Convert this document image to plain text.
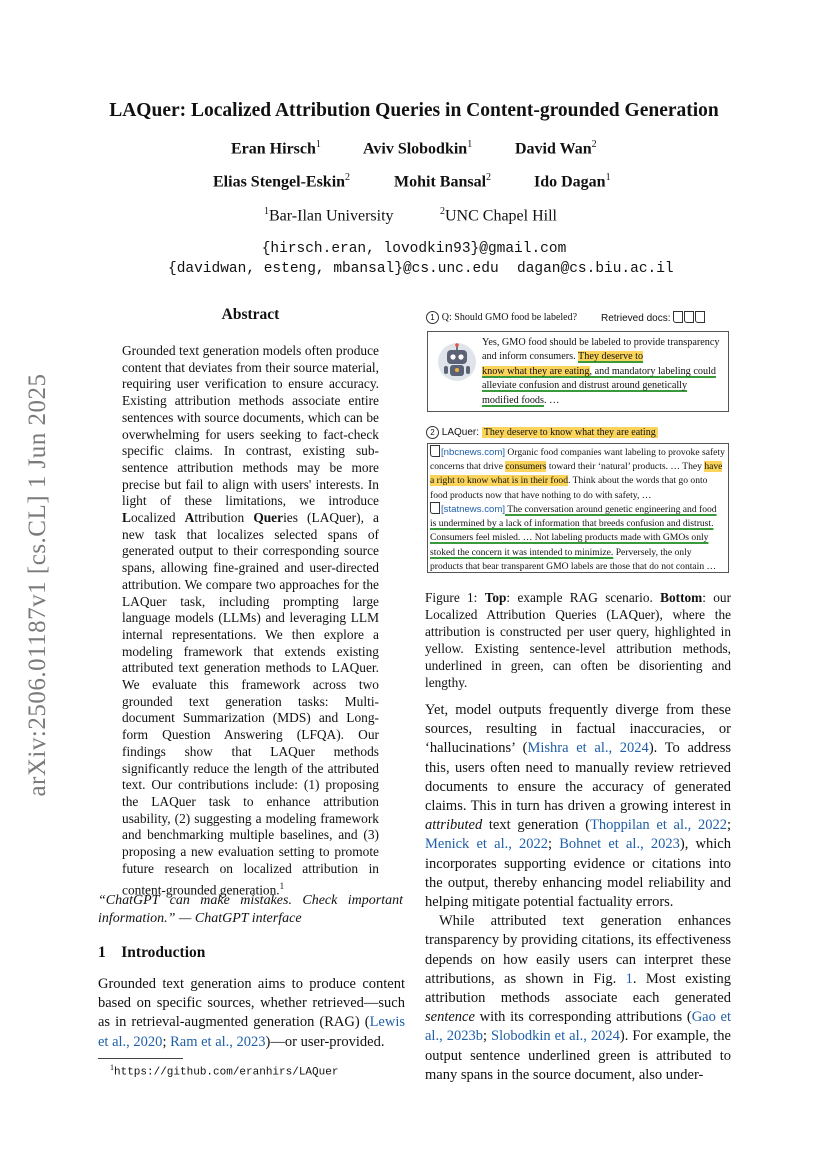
arXiv:2506.01187v1 [cs.CL] 1 Jun 2025
LAQuer: Localized Attribution Queries in Content-grounded Generation
Eran Hirsch$^1$	Aviv Slobodkin$^1$	David Wan$^2$
Elias Stengel-Eskin$^2$	Mohit Bansal$^2$	Ido Dagan$^1$
$^1$Bar-Ilan University	$^2$UNC Chapel Hill
{hirsch.eran, lovodkin93}@gmail.com
{davidwan, esteng, mbansal}@cs.unc.edu dagan@cs.biu.ac.il
Abstract
Grounded text generation models often produce content that deviates from their source material, requiring user verification to ensure accuracy. Existing attribution methods associate entire sentences with source documents, which can be overwhelming for users seeking to fact-check specific claims. In contrast, existing sub-sentence attribution methods may be more precise but fail to align with users' interests. In light of these limitations, we introduce Localized Attribution Queries (LAQuer), a new task that localizes selected spans of generated output to their corresponding source spans, allowing fine-grained and user-directed attribution. We compare two approaches for the LAQuer task, including prompting large language models (LLMs) and leveraging LLM internal representations. We then explore a modeling framework that extends existing attributed text generation methods to LAQuer. We evaluate this framework across two grounded text generation tasks: Multi-document Summarization (MDS) and Long-form Question Answering (LFQA). Our findings show that LAQuer methods significantly reduce the length of the attributed text. Our contributions include: (1) proposing the LAQuer task to enhance attribution usability, (2) suggesting a modeling framework and benchmarking multiple baselines, and (3) proposing a new evaluation setting to promote future research on localized attribution in content-grounded generation.$^1$
“ChatGPT can make mistakes. Check important information.” — ChatGPT interface
1 Introduction
Grounded text generation aims to produce content based on specific sources, whether retrieved—such as in retrieval-augmented generation (RAG) (Lewis et al., 2020; Ram et al., 2023)—or user-provided.
$^1$https://github.com/eranhirs/LAQuer
1 Q: Should GMO food be labeled? Retrieved docs:
Yes, GMO food should be labeled to provide transparency and inform consumers. They deserve to
know what they are eating, and mandatory labeling could
alleviate confusion and distrust around genetically
modified foods. …
2 LAQuer: They deserve to know what they are eating
[nbcnews.com] Organic food companies want labeling to provoke safety concerns that drive consumers toward their ‘natural’ products. … They have a right to know what is in their food. Think about the words that go onto food products now that have nothing to do with safety, …
[statnews.com] The conversation around genetic engineering and food is undermined by a lack of information that breeds confusion and distrust. Consumers feel misled. … Not labeling products made with GMOs only stoked the concern it was intended to minimize. Perversely, the only products that bear transparent GMO labels are those that do not contain …
Figure 1: Top: example RAG scenario. Bottom: our Localized Attribution Queries (LAQuer), where the attribution is constructed per user query, highlighted in yellow. Existing sentence-level attribution methods, underlined in green, can often be disorienting and lengthy.

Yet, model outputs frequently diverge from these sources, resulting in factual inaccuracies, or ‘hallucinations’ (Mishra et al., 2024). To address this, users often need to manually review retrieved documents to ensure the accuracy of generated claims. This in turn has driven a growing interest in attributed text generation (Thoppilan et al., 2022; Menick et al., 2022; Bohnet et al., 2023), which incorporates supporting evidence or citations into the output, thereby enhancing model reliability and helping mitigate potential factuality errors.

While attributed text generation enhances transparency by providing citations, its effectiveness depends on how easily users can interpret these attributions, as shown in Fig. 1. Most existing attribution methods associate each generated sentence with its corresponding attributions (Gao et al., 2023b; Slobodkin et al., 2024). For example, the output sentence underlined green is attributed to many spans in the source document, also under-
